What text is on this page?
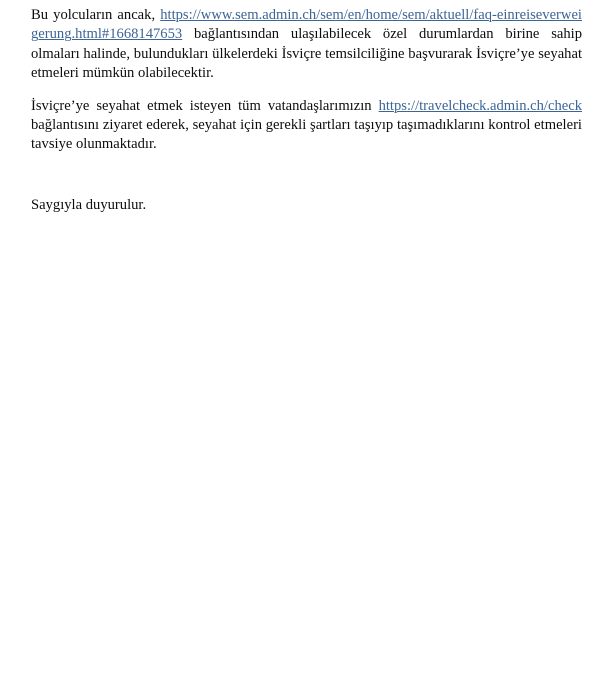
Bu yolcuların ancak, https://www.sem.admin.ch/sem/en/home/sem/aktuell/faq-einreiseverweigerung.html#1668147653 bağlantısından ulaşılabilecek özel durumlardan birine sahip olmaları halinde, bulundukları ülkelerdeki İsviçre temsilciliğine başvurarak İsviçre’ye seyahat etmeleri mümkün olabilecektir.

İsviçre’ye seyahat etmek isteyen tüm vatandaşlarımızın https://travelcheck.admin.ch/check bağlantısını ziyaret ederek, seyahat için gerekli şartları taşıyıp taşımadıklarını kontrol etmeleri tavsiye olunmaktadır.

Saygıyla duyurulur.
